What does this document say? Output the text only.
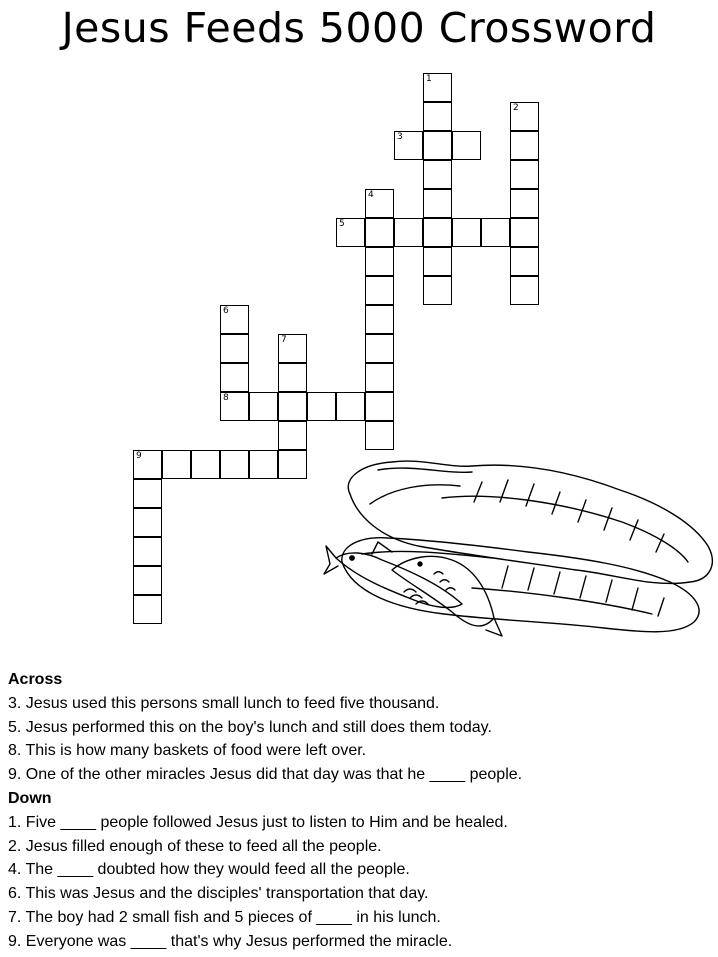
Jesus Feeds 5000 Crossword
1
2
3
4
5
6
8
7
9
Across
3. Jesus used this persons small lunch to feed five thousand.
5. Jesus performed this on the boy's lunch and still does them today.
8. This is how many baskets of food were left over.
9. One of the other miracles Jesus did that day was that he ____ people.
Down
1. Five ____ people followed Jesus just to listen to Him and be healed.
2. Jesus filled enough of these to feed all the people.
4. The ____ doubted how they would feed all the people.
6. This was Jesus and the disciples' transportation that day.
7. The boy had 2 small fish and 5 pieces of ____ in his lunch.
9. Everyone was ____ that's why Jesus performed the miracle.
